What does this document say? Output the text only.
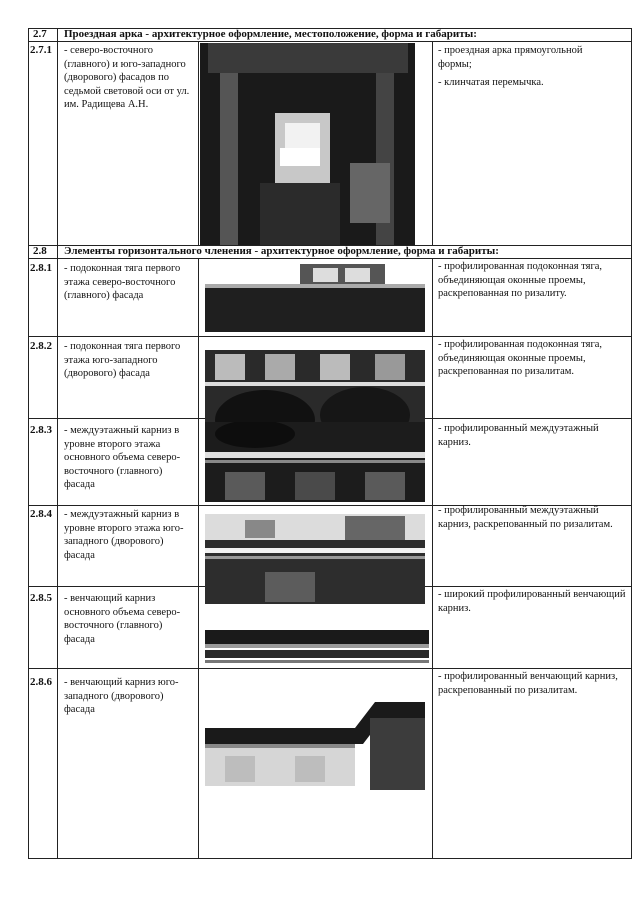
2.7 Проездная арка - архитектурное оформление, местоположение, форма и габариты:
2.7.1 - северо-восточного (главного) и юго-западного (дворового) фасадов по седьмой световой оси от ул. им. Радищева А.Н.
- проездная арка прямоугольной формы;
- клинчатая перемычка.
2.8 Элементы горизонтального членения - архитектурное оформление, форма и габариты:
2.8.1 - подоконная тяга первого этажа северо-восточного (главного) фасада
- профилированная подоконная тяга, объединяющая оконные проемы, раскрепованная по ризалиту.
2.8.2 - подоконная тяга первого этажа юго-западного (дворового) фасада
- профилированная подоконная тяга, объединяющая оконные проемы, раскрепованная по ризалитам.
2.8.3 - междуэтажный карниз в уровне второго этажа основного объема северо-восточного (главного) фасада
- профилированный междуэтажный карниз.
2.8.4 - междуэтажный карниз в уровне второго этажа юго-западного (дворового) фасада
- профилированный междуэтажный карниз, раскрепованный по ризалитам.
2.8.5 - венчающий карниз основного объема северо-восточного (главного) фасада
- широкий профилированный венчающий карниз.
2.8.6 - венчающий карниз юго-западного (дворового) фасада
- профилированный венчающий карниз, раскрепованный по ризалитам.
